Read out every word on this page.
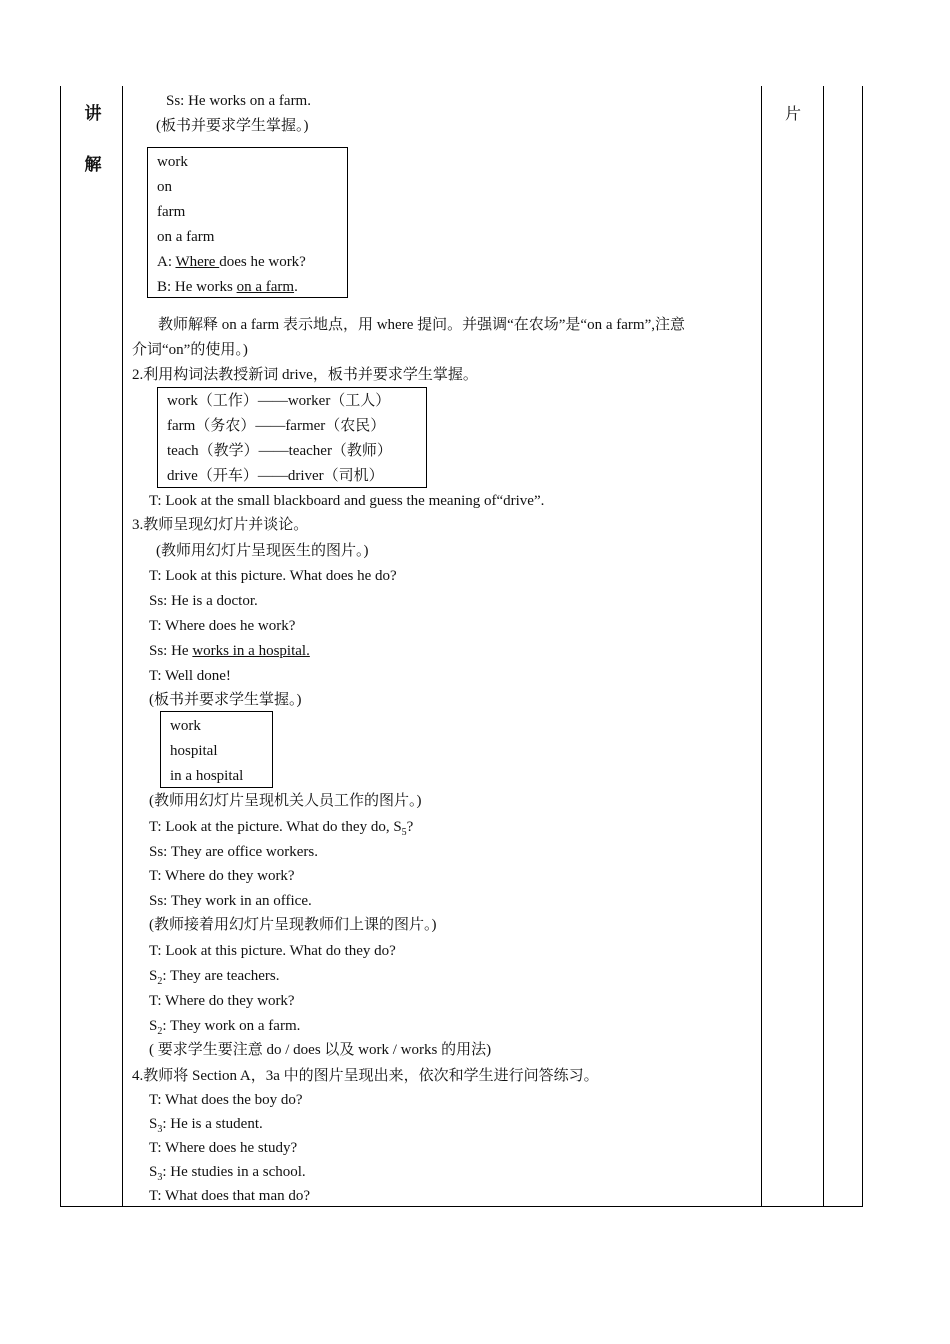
讲
解
片
Ss: He works on a farm.
(板书并要求学生掌握。)
work
on
farm
on a farm
A: Where does he work?
B: He works on a farm.
教师解释 on a farm 表示地点，用 where 提问。并强调“在农场”是“on a farm”,注意
介词“on”的使用。)
2.利用构词法教授新词 drive，板书并要求学生掌握。
work（工作）——worker（工人）
farm（务农）——farmer（农民）
teach（教学）——teacher（教师）
drive（开车）——driver（司机）
T: Look at the small blackboard and guess the meaning of“drive”.
3.教师呈现幻灯片并谈论。
(教师用幻灯片呈现医生的图片。)
T: Look at this picture. What does he do?
Ss: He is a doctor.
T: Where does he work?
Ss: He works in a hospital.
T: Well done!
(板书并要求学生掌握。)
work
hospital
in a hospital
(教师用幻灯片呈现机关人员工作的图片。)
T: Look at the picture. What do they do, $S_5$?
Ss: They are office workers.
T: Where do they work?
Ss: They work in an office.
(教师接着用幻灯片呈现教师们上课的图片。)
T: Look at this picture. What do they do?
$S_2$: They are teachers.
T: Where do they work?
$S_2$: They work on a farm.
( 要求学生要注意 do / does 以及 work / works 的用法)
4.教师将 Section A，3a 中的图片呈现出来，依次和学生进行问答练习。
T: What does the boy do?
$S_3$: He is a student.
T: Where does he study?
$S_3$: He studies in a school.
T: What does that man do?
